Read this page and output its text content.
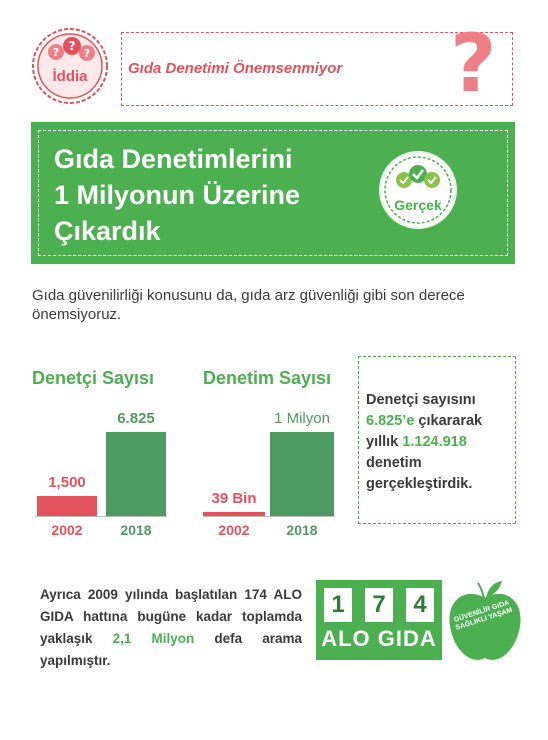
? ?
?
İddia	Gıda Denetimi Önemsenmiyor ?
Gıda Denetimlerini
1 Milyonun Üzerine
Çıkardık
Gerçek
Gıda güvenilirliği konusunu da, gıda arz güvenliği gibi son derece önemsiyoruz.
Denetçi Sayısı
1,500
6.825
2002	2018
Denetim Sayısı
39 Bin
1 Milyon
2002	2018
Denetçi sayısını
6.825’e çıkararak
yıllık 1.124.918
denetim
gerçekleştirdik.
Ayrıca 2009 yılında başlatılan 174 ALO GIDA hattına bugüne kadar toplamda yaklaşık 2,1 Milyon defa arama yapılmıştır.
1	7	4
ALO GIDA
GÜVENİLİR GIDA SAĞLIKLI YAŞAM
